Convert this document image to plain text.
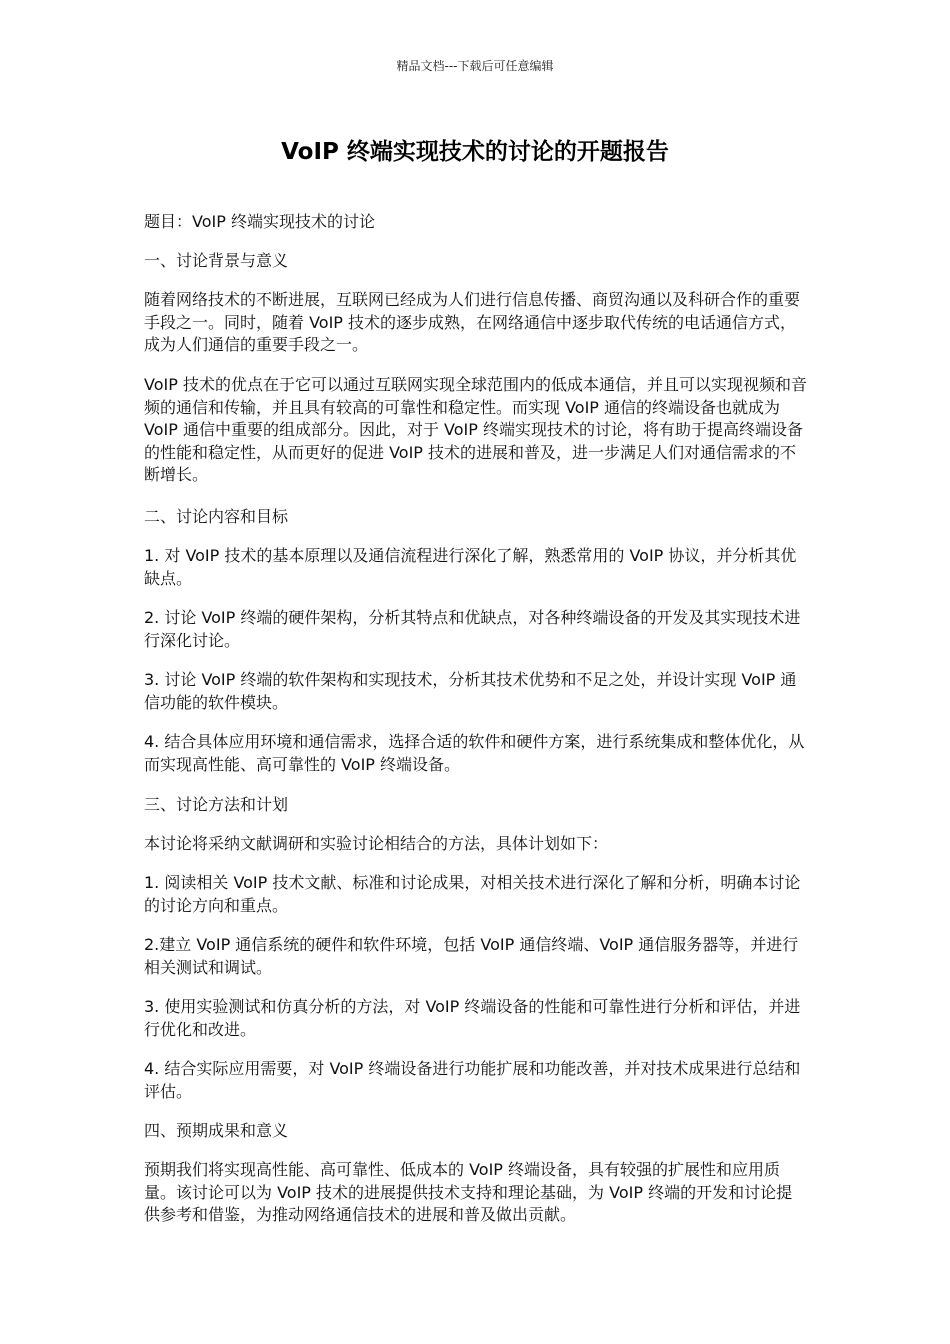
精品文档---下载后可任意编辑
VoIP 终端实现技术的讨论的开题报告

题目：VoIP 终端实现技术的讨论

一、讨论背景与意义

随着网络技术的不断进展，互联网已经成为人们进行信息传播、商贸沟通以及科研合作的重要手段之一。同时，随着 VoIP 技术的逐步成熟，在网络通信中逐步取代传统的电话通信方式，成为人们通信的重要手段之一。

VoIP 技术的优点在于它可以通过互联网实现全球范围内的低成本通信，并且可以实现视频和音频的通信和传输，并且具有较高的可靠性和稳定性。而实现 VoIP 通信的终端设备也就成为 VoIP 通信中重要的组成部分。因此，对于 VoIP 终端实现技术的讨论，将有助于提高终端设备的性能和稳定性，从而更好的促进 VoIP 技术的进展和普及，进一步满足人们对通信需求的不断增长。

二、讨论内容和目标

1. 对 VoIP 技术的基本原理以及通信流程进行深化了解，熟悉常用的 VoIP 协议，并分析其优缺点。

2. 讨论 VoIP 终端的硬件架构，分析其特点和优缺点，对各种终端设备的开发及其实现技术进行深化讨论。

3. 讨论 VoIP 终端的软件架构和实现技术，分析其技术优势和不足之处，并设计实现 VoIP 通信功能的软件模块。

4. 结合具体应用环境和通信需求，选择合适的软件和硬件方案，进行系统集成和整体优化，从而实现高性能、高可靠性的 VoIP 终端设备。

三、讨论方法和计划

本讨论将采纳文献调研和实验讨论相结合的方法，具体计划如下：

1. 阅读相关 VoIP 技术文献、标准和讨论成果，对相关技术进行深化了解和分析，明确本讨论的讨论方向和重点。

2.建立 VoIP 通信系统的硬件和软件环境，包括 VoIP 通信终端、VoIP 通信服务器等，并进行相关测试和调试。

3. 使用实验测试和仿真分析的方法，对 VoIP 终端设备的性能和可靠性进行分析和评估，并进行优化和改进。

4. 结合实际应用需要，对 VoIP 终端设备进行功能扩展和功能改善，并对技术成果进行总结和评估。

四、预期成果和意义

预期我们将实现高性能、高可靠性、低成本的 VoIP 终端设备，具有较强的扩展性和应用质量。该讨论可以为 VoIP 技术的进展提供技术支持和理论基础，为 VoIP 终端的开发和讨论提供参考和借鉴，为推动网络通信技术的进展和普及做出贡献。
